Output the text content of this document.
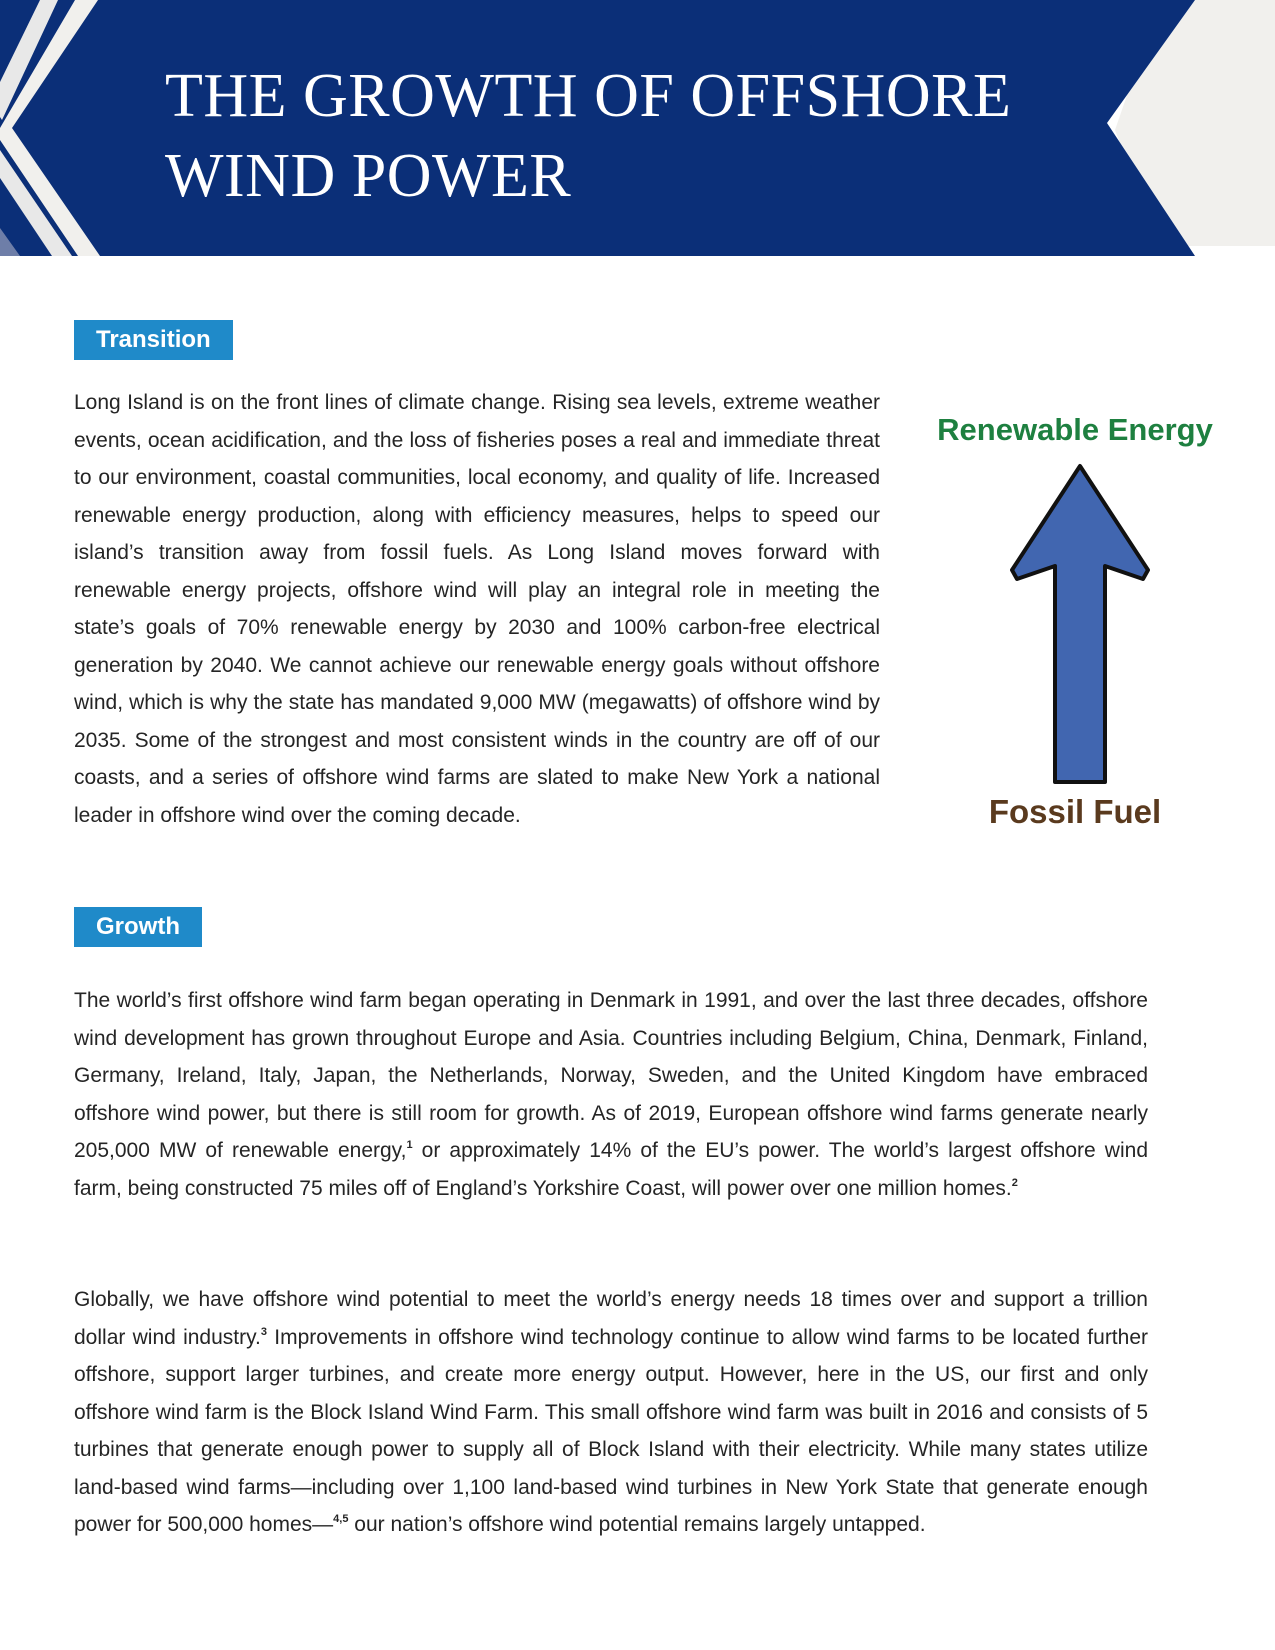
THE GROWTH OF OFFSHORE
WIND POWER
Transition

Long Island is on the front lines of climate change. Rising sea levels, extreme weather events, ocean acidification, and the loss of fisheries poses a real and immediate threat to our environment, coastal communities, local economy, and quality of life. Increased renewable energy production, along with efficiency measures, helps to speed our island’s transition away from fossil fuels. As Long Island moves forward with renewable energy projects, offshore wind will play an integral role in meeting the state’s goals of 70% renewable energy by 2030 and 100% carbon-free electrical generation by 2040. We cannot achieve our renewable energy goals without offshore wind, which is why the state has mandated 9,000 MW (megawatts) of offshore wind by 2035. Some of the strongest and most consistent winds in the country are off of our coasts, and a series of offshore wind farms are slated to make New York a national leader in offshore wind over the coming decade.

Renewable Energy
Fossil Fuel
Growth

The world’s first offshore wind farm began operating in Denmark in 1991, and over the last three decades, offshore wind development has grown throughout Europe and Asia. Countries including Belgium, China, Denmark, Finland, Germany, Ireland, Italy, Japan, the Netherlands, Norway, Sweden, and the United Kingdom have embraced offshore wind power, but there is still room for growth. As of 2019, European offshore wind farms generate nearly 205,000 MW of renewable energy,$^1$ or approximately 14% of the EU’s power. The world’s largest offshore wind farm, being constructed 75 miles off of England’s Yorkshire Coast, will power over one million homes.$^2$

Globally, we have offshore wind potential to meet the world’s energy needs 18 times over and support a trillion dollar wind industry.$^3$ Improvements in offshore wind technology continue to allow wind farms to be located further offshore, support larger turbines, and create more energy output. However, here in the US, our first and only offshore wind farm is the Block Island Wind Farm. This small offshore wind farm was built in 2016 and consists of 5 turbines that generate enough power to supply all of Block Island with their electricity. While many states utilize land-based wind farms—including over 1,100 land-based wind turbines in New York State that generate enough power for 500,000 homes—$^{4,5}$ our nation’s offshore wind potential remains largely untapped.
